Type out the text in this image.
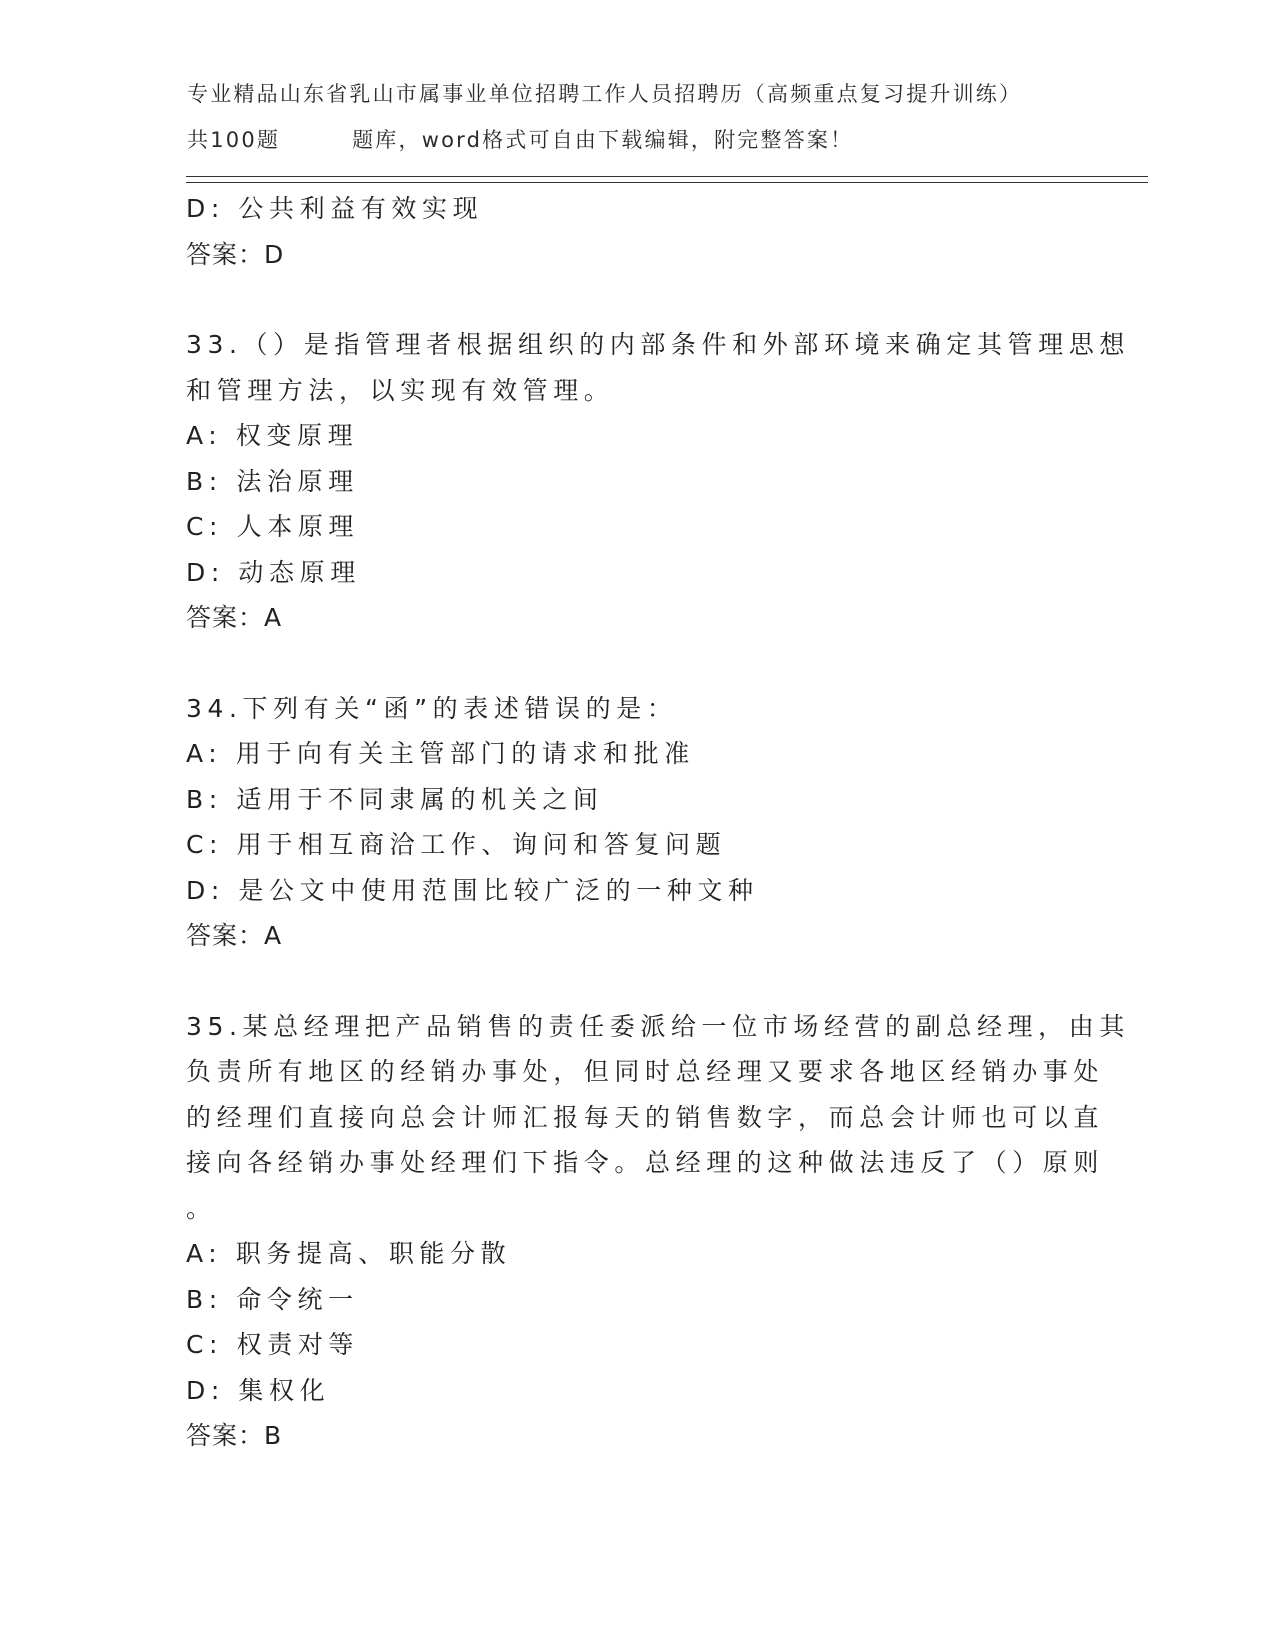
专业精品山东省乳山市属事业单位招聘工作人员招聘历（高频重点复习提升训练）
共100题	题库，word格式可自由下载编辑，附完整答案！
D: 公共利益有效实现
答案：D
33.（）是指管理者根据组织的内部条件和外部环境来确定其管理思想
和管理方法，以实现有效管理。
A: 权变原理
B: 法治原理
C: 人本原理
D: 动态原理
答案：A
34.下列有关“函”的表述错误的是：
A: 用于向有关主管部门的请求和批准
B: 适用于不同隶属的机关之间
C: 用于相互商洽工作、询问和答复问题
D: 是公文中使用范围比较广泛的一种文种
答案：A
35.某总经理把产品销售的责任委派给一位市场经营的副总经理，由其
负责所有地区的经销办事处，但同时总经理又要求各地区经销办事处
的经理们直接向总会计师汇报每天的销售数字，而总会计师也可以直
接向各经销办事处经理们下指令。总经理的这种做法违反了（）原则
。
A: 职务提高、职能分散
B: 命令统一
C: 权责对等
D: 集权化
答案：B
